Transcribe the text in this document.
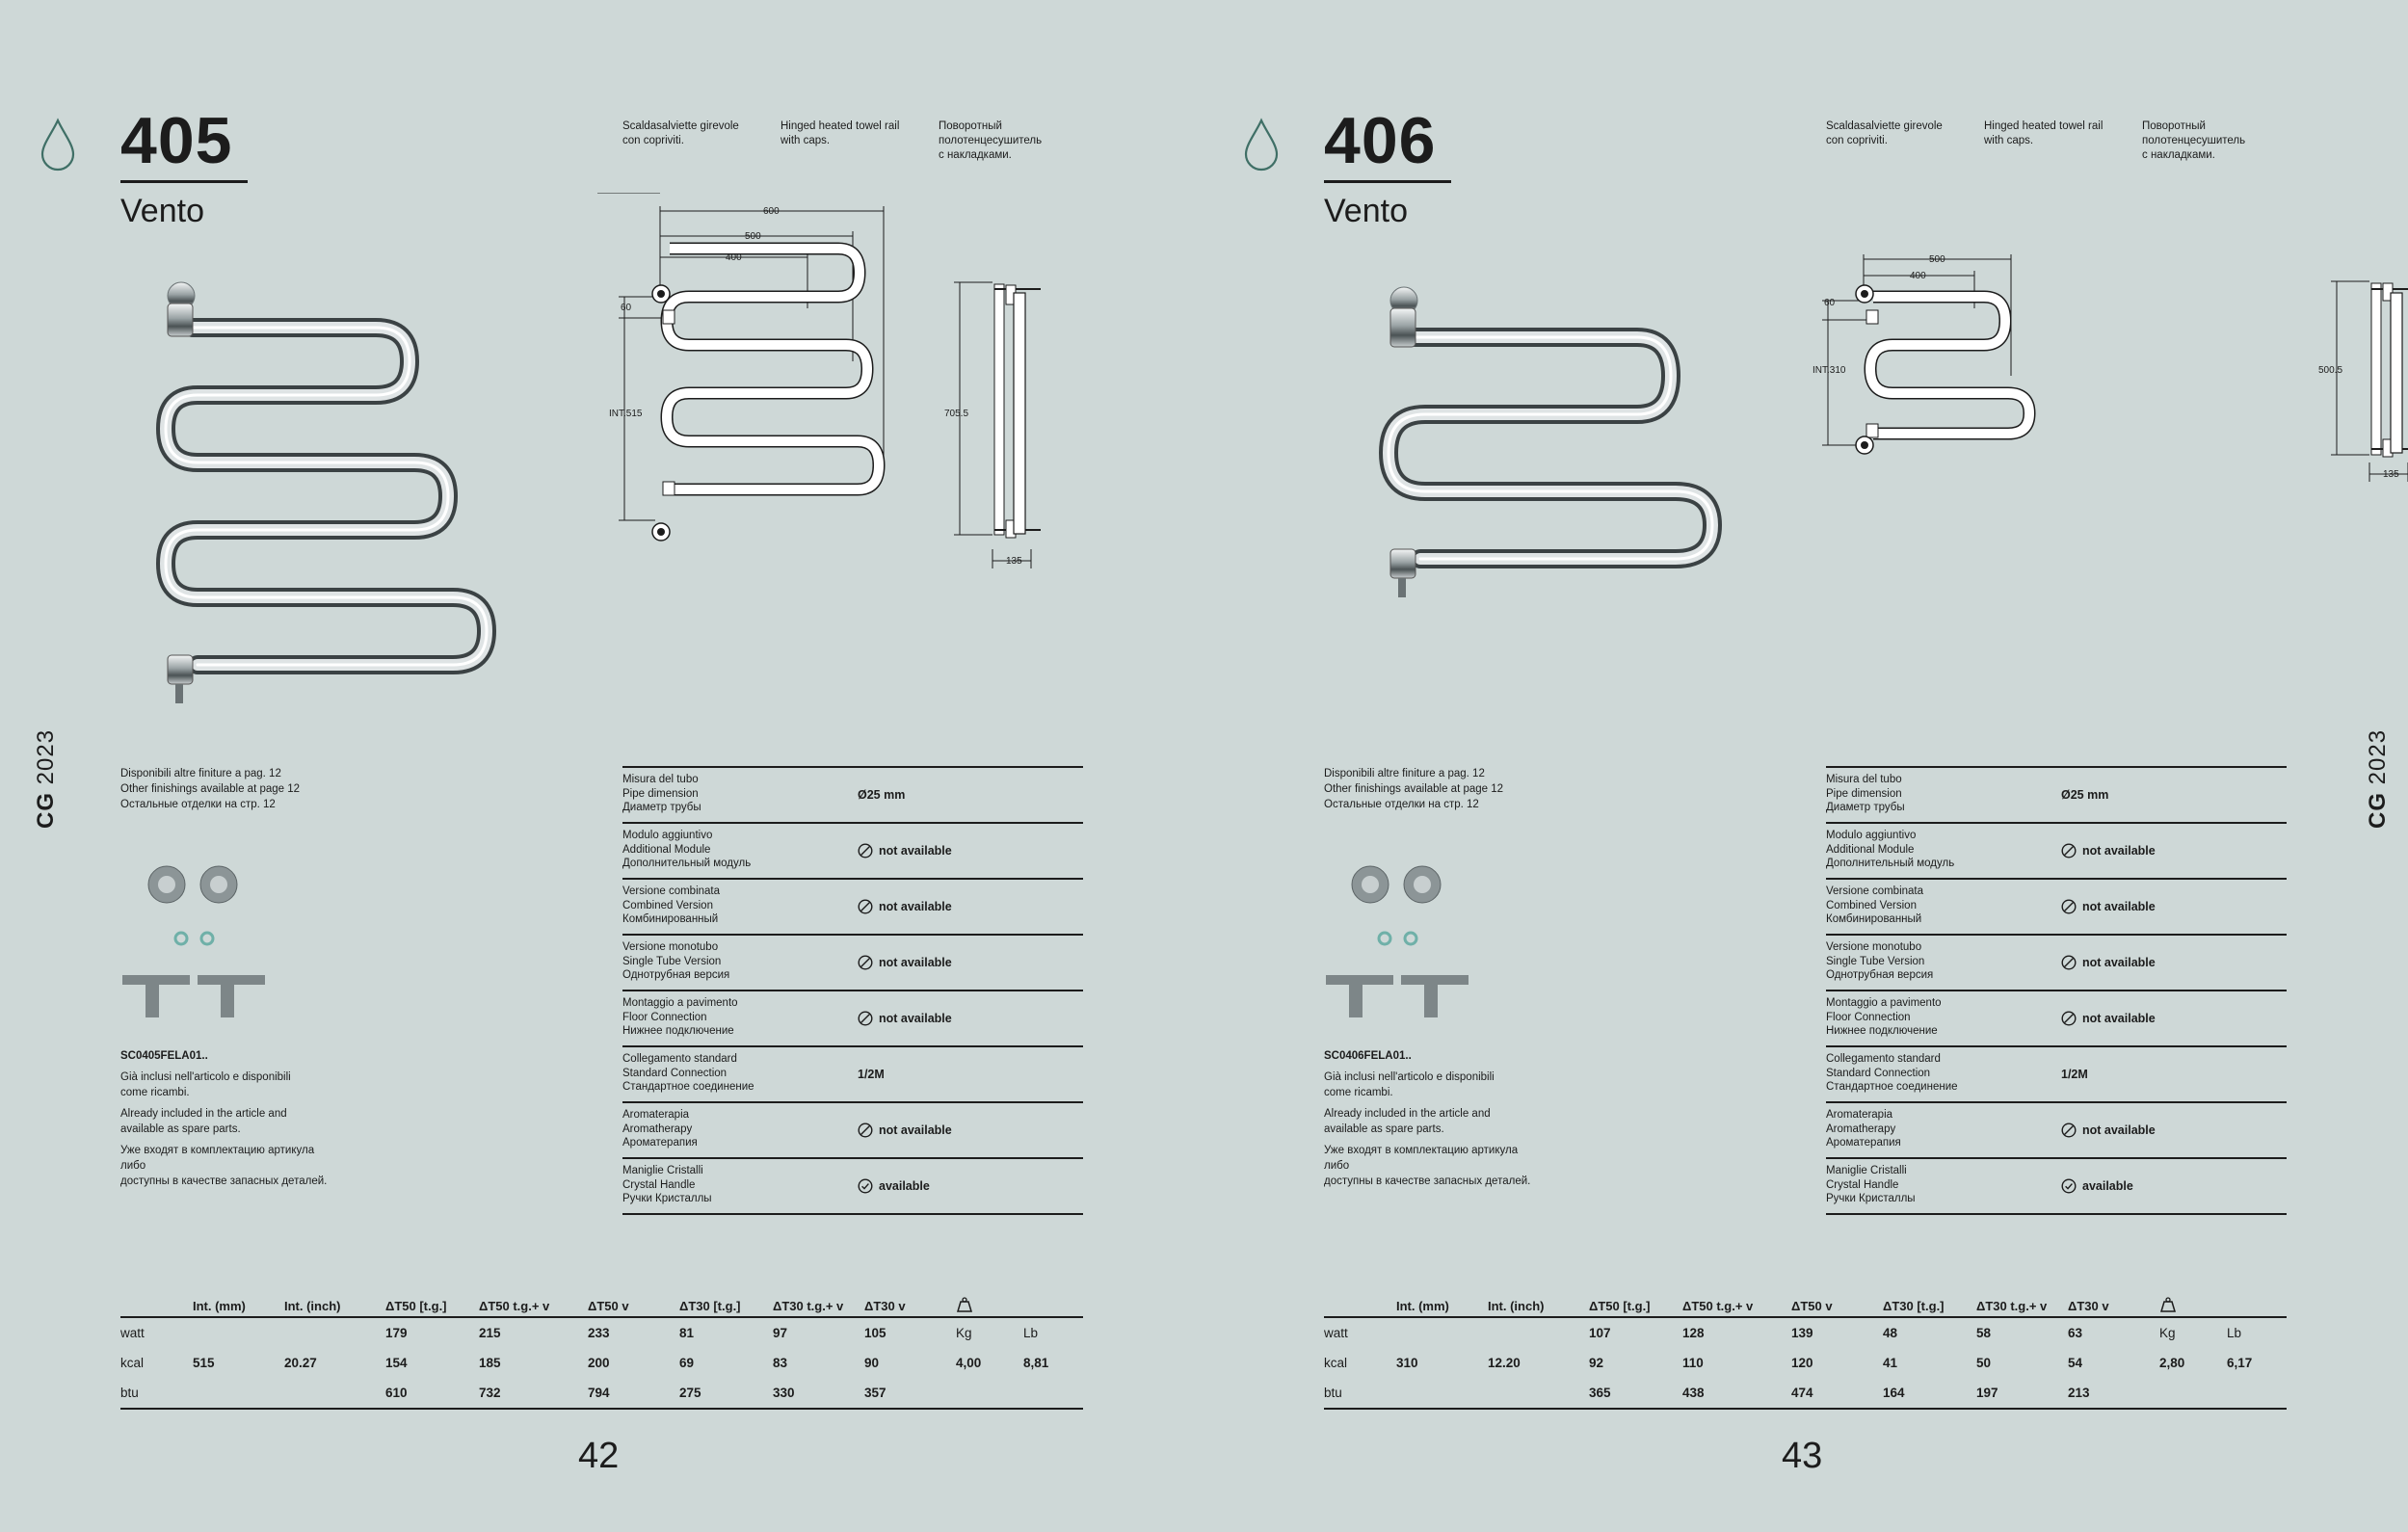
405
Vento
Scaldasalviette girevole
con copriviti.
Hinged heated towel rail
with caps.
Поворотный
полотенцесушитель
с накладками.
600
500
400
60
INT.515	705.5
135
Disponibili altre finiture a pag. 12
Other finishings available at page 12
Остальные отделки на стр. 12
SC0405FELA01..

Già inclusi nell'articolo e disponibili
come ricambi.

Already included in the article and
available as spare parts.

Уже входят в комплектацию артикула либо
доступны в качестве запасных деталей.

Misura del tubo
Pipe dimension
Диаметр трубы
Ø25 mm
Modulo aggiuntivo
Additional Module
Дополнительный модуль
not available
Versione combinata
Combined Version
Комбинированный
not available
Versione monotubo
Single Tube Version
Однотрубная версия
not available
Montaggio a pavimento
Floor Connection
Нижнее подключение
not available
Collegamento standard
Standard Connection
Стандартное соединение
1/2M
Aromaterapia
Aromatherapy
Ароматерапия
not available
Maniglie Cristalli
Crystal Handle
Ручки Кристаллы
available
	Int. (mm)	Int. (inch)	ΔT50 [t.g.]	ΔT50 t.g.+ v	ΔT50 v	ΔT30 [t.g.]	ΔT30 t.g.+ v	ΔT30 v		
watt			179	215	233	81	97	105	Kg	Lb
kcal	515	20.27	154	185	200	69	83	90	4,00	8,81
btu			610	732	794	275	330	357		
42
CG 2023
406
Vento
Scaldasalviette girevole
con copriviti.
Hinged heated towel rail
with caps.
Поворотный
полотенцесушитель
с накладками.
500
400
60
INT.310	500.5
135
Disponibili altre finiture a pag. 12
Other finishings available at page 12
Остальные отделки на стр. 12
SC0406FELA01..

Già inclusi nell'articolo e disponibili
come ricambi.

Already included in the article and
available as spare parts.

Уже входят в комплектацию артикула либо
доступны в качестве запасных деталей.

Misura del tubo
Pipe dimension
Диаметр трубы
Ø25 mm
Modulo aggiuntivo
Additional Module
Дополнительный модуль
not available
Versione combinata
Combined Version
Комбинированный
not available
Versione monotubo
Single Tube Version
Однотрубная версия
not available
Montaggio a pavimento
Floor Connection
Нижнее подключение
not available
Collegamento standard
Standard Connection
Стандартное соединение
1/2M
Aromaterapia
Aromatherapy
Ароматерапия
not available
Maniglie Cristalli
Crystal Handle
Ручки Кристаллы
available
	Int. (mm)	Int. (inch)	ΔT50 [t.g.]	ΔT50 t.g.+ v	ΔT50 v	ΔT30 [t.g.]	ΔT30 t.g.+ v	ΔT30 v		
watt			107	128	139	48	58	63	Kg	Lb
kcal	310	12.20	92	110	120	41	50	54	2,80	6,17
btu			365	438	474	164	197	213		
43
CG 2023
